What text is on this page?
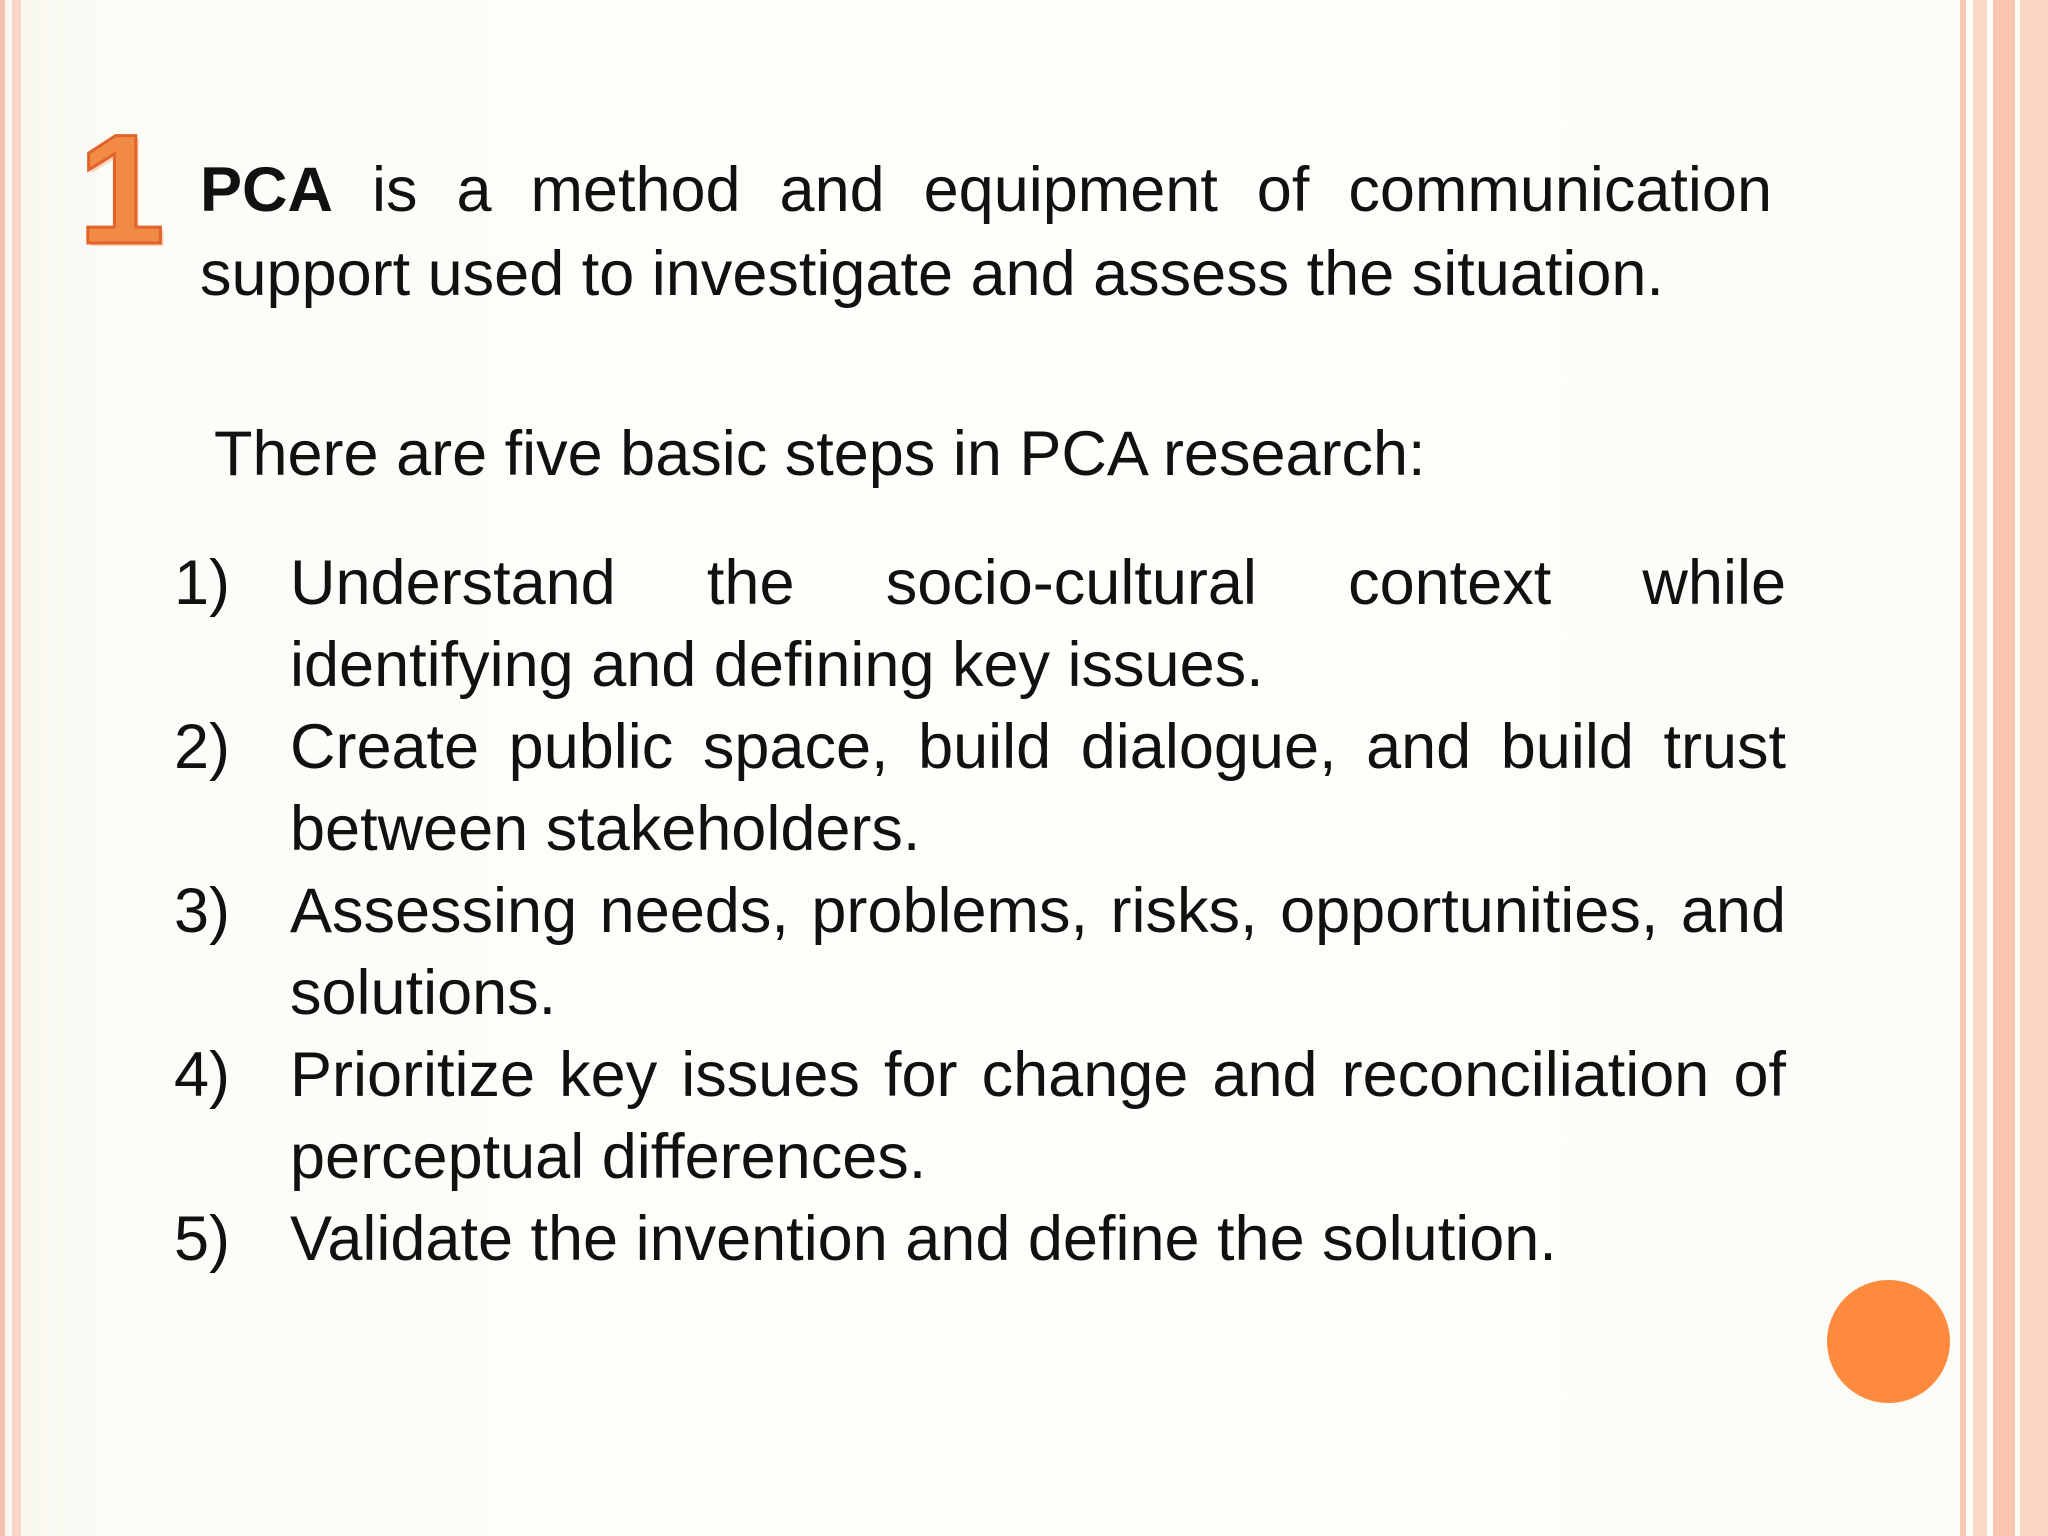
1 PCA is a method and equipment of communication support used to investigate and assess the situation.

There are five basic steps in PCA research:
1) Understand the socio-cultural context while identifying and defining key issues.
2) Create public space, build dialogue, and build trust between stakeholders.
3) Assessing needs, problems, risks, opportunities, and solutions.
4) Prioritize key issues for change and reconciliation of perceptual differences.
5) Validate the invention and define the solution.
